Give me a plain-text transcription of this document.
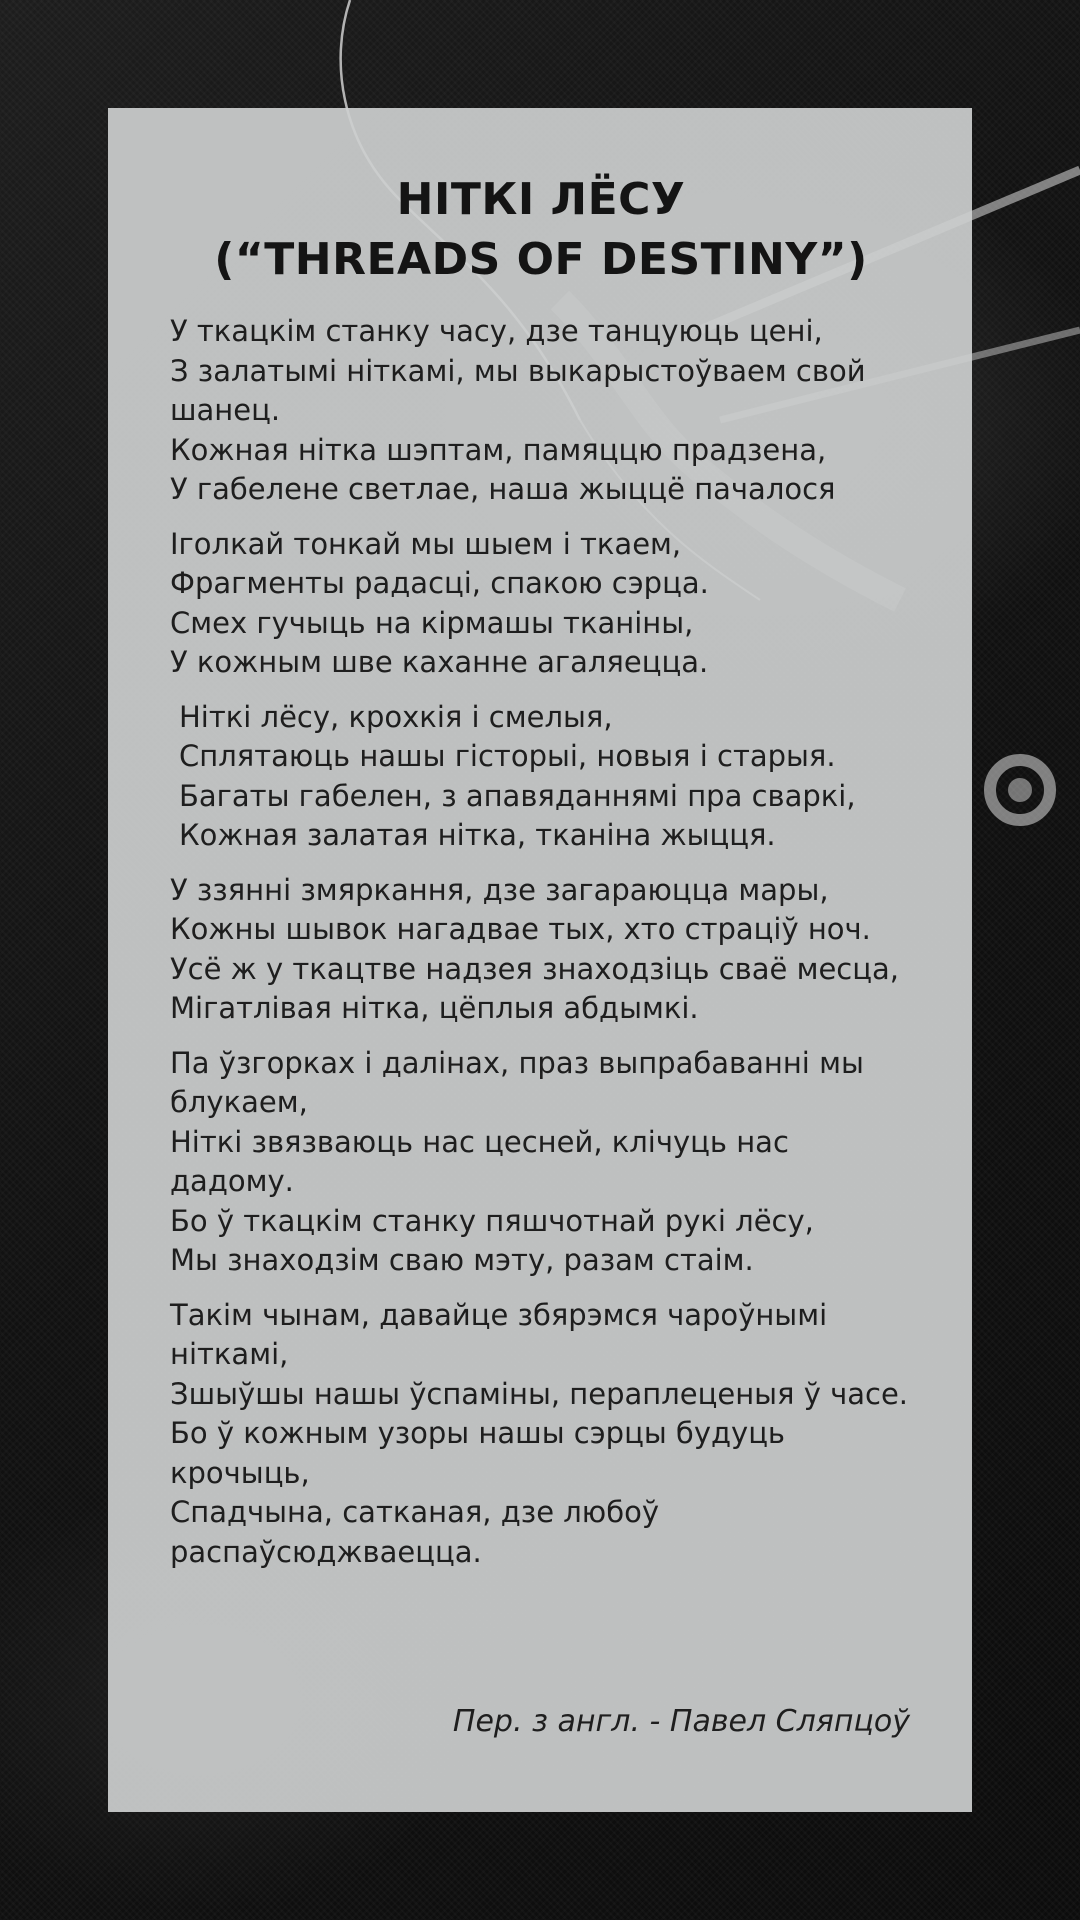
НІТКІ ЛЁСУ
(“THREADS OF DESTINY”)

У ткацкім станку часу, дзе танцуюць цені,
З залатымі ніткамі, мы выкарыстоўваем свой шанец.
Кожная нітка шэптам, памяццю прадзена,
У габелене светлае, наша жыццё пачалося

Іголкай тонкай мы шыем і ткаем,
Фрагменты радасці, спакою сэрца.
Смех гучыць на кірмашы тканіны,
У кожным шве каханне агаляецца.

Ніткі лёсу, крохкія і смелыя,
Сплятаюць нашы гісторыі, новыя і старыя.
Багаты габелен, з апавяданнямі пра сваркі,
Кожная залатая нітка, тканіна жыцця.

У ззянні змяркання, дзе загараюцца мары,
Кожны шывок нагадвае тых, хто страціў ноч.
Усё ж у ткацтве надзея знаходзіць сваё месца,
Мігатлівая нітка, цёплыя абдымкі.

Па ўзгорках і далінах, праз выпрабаванні мы блукаем,
Ніткі звязваюць нас цесней, клічуць нас дадому.
Бо ў ткацкім станку пяшчотнай рукі лёсу,
Мы знаходзім сваю мэту, разам стаім.

Такім чынам, давайце збярэмся чароўнымі ніткамі,
Зшыўшы нашы ўспаміны, пераплеценыя ў часе.
Бо ў кожным узоры нашы сэрцы будуць крочыць,
Спадчына, сатканая, дзе любоў распаўсюджваецца.

Пер. з англ. - Павел Сляпцоў
